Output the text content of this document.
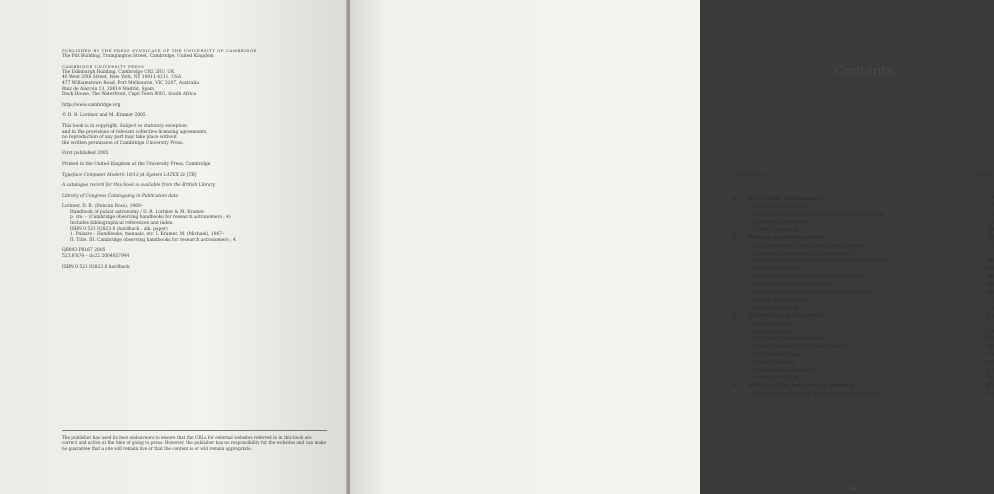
PUBLISHED BY THE PRESS SYNDICATE OF THE UNIVERSITY OF CAMBRIDGE
The Pitt Building, Trumpington Street, Cambridge, United Kingdom
CAMBRIDGE UNIVERSITY PRESS
The Edinburgh Building, Cambridge CB2 2RU, UK
40 West 20th Street, New York, NY 10011-4211, USA
477 Williamstown Road, Port Melbourne, VIC 3207, Australia
Ruiz de Alarcón 13, 28014 Madrid, Spain
Dock House, The Waterfront, Cape Town 8001, South Africa
http://www.cambridge.org
© D. R. Lorimer and M. Kramer 2005
This book is in copyright. Subject to statutory exception
and to the provisions of relevant collective licensing agreements,
no reproduction of any part may take place without
the written permission of Cambridge University Press.
First published 2005
Printed in the United Kingdom at the University Press, Cambridge
Typeface Computer Modern 10/13 pt System LATEX 2ε [TB]
A catalogue record for this book is available from the British Library
Library of Congress Cataloguing in Publication data
Lorimer, D. R. (Duncan Ross), 1969–
Handbook of pulsar astronomy / D. R. Lorimer & M. Kramer.
p. cm. – (Cambridge observing handbooks for research astronomers ; 4)
Includes bibliographical references and index.
ISBN 0 521 82823 6 (hardback : alk. paper)
1. Pulsars – Handbooks, manuals, etc. I. Kramer, M. (Michael), 1967–
II. Title. III. Cambridge observing handbooks for research astronomers ; 4.
QB843.P8L67 2005
523.8'874 – dc22 2004057944
ISBN 0 521 82823 6 hardback
The publisher has used its best endeavours to ensure that the URLs for external websites referred to in this book are correct and active at the time of going to press. However, the publisher has no responsibility for the websites and can make no guarantee that a site will remain live or that the content is or will remain appropriate.
Contents
Introduction	page 1
1	The pulsar phenomenon	7
1.1	Emission properties	7
1.2	Propagation effects in the interstellar medium	19
1.3	Population properties	25
1.4	Further reading	30
2	Pulsars as physical tools	32
2.1	High-precision timing and time keeping	32
2.2	Celestial mechanics and astrometry	34
2.3	Gravitational physics in the strong-field regime	36
2.4	Extrasolar planets	45
2.5	The Galaxy and the interstellar medium	46
2.6	Studying super-dense matter	50
2.7	Plasma physics under extreme conditions	50
2.8	Future applications	52
2.9	Further reading	53
3	Theoretical background	54
3.1	Neutron stars	54
3.2	Spin evolution	59
3.3	The pulsar magnetosphere	62
3.4	Simple models of the radio beam	66
3.5	Acceleration gaps	70
3.6	Radio emission	82
3.7	High-energy emission	83
3.8	Further reading	84
4	Effects of the interstellar medium	85
4.1	Propagation through a homogeneous medium	85
vii
